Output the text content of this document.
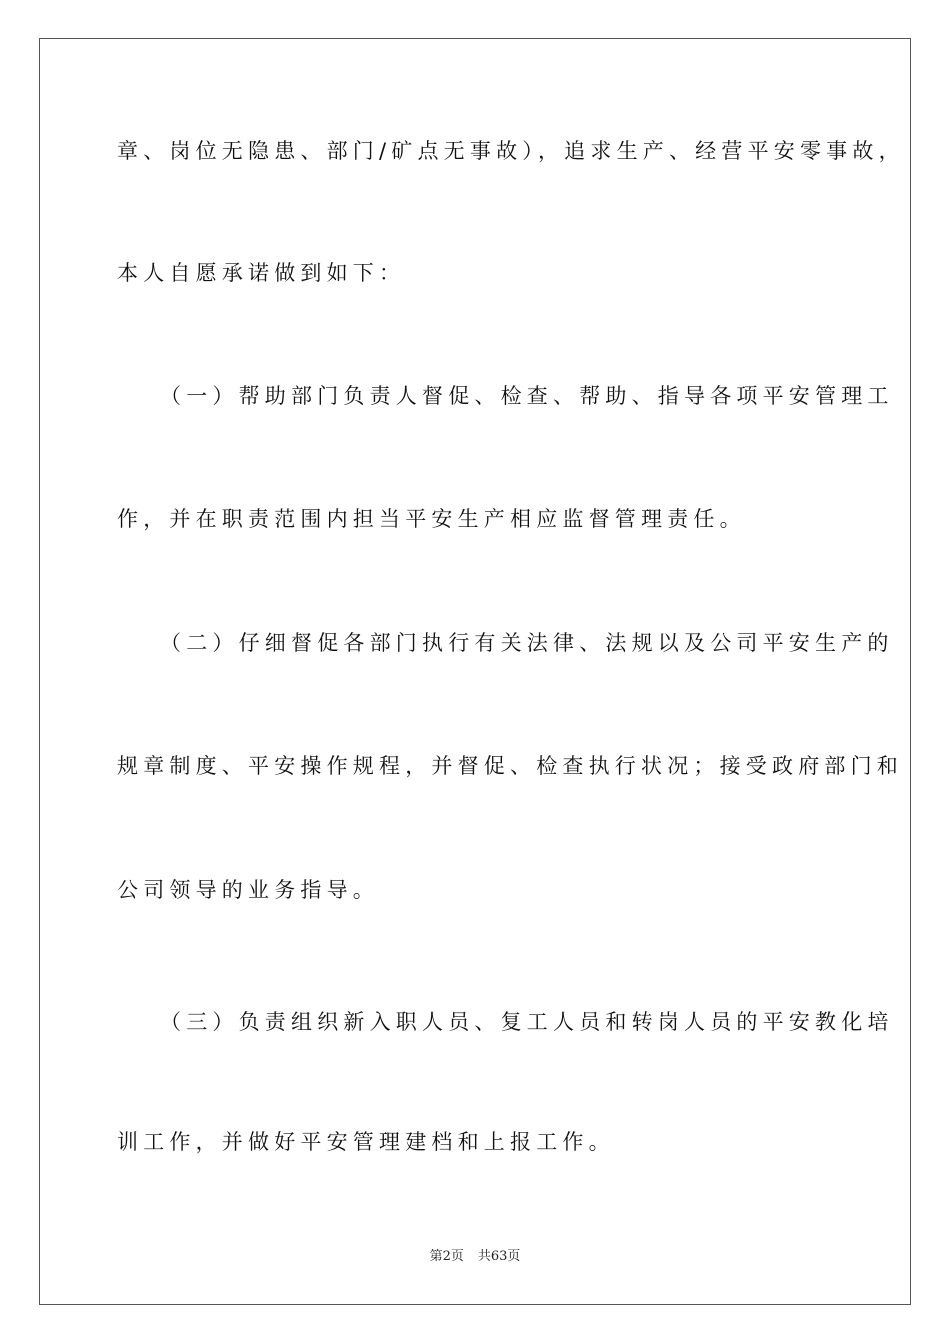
章、岗位无隐患、部门/矿点无事故），追求生产、经营平安零事故，
本人自愿承诺做到如下：
（一）帮助部门负责人督促、检查、帮助、指导各项平安管理工
作，并在职责范围内担当平安生产相应监督管理责任。
（二）仔细督促各部门执行有关法律、法规以及公司平安生产的
规章制度、平安操作规程，并督促、检查执行状况；接受政府部门和
公司领导的业务指导。
（三）负责组织新入职人员、复工人员和转岗人员的平安教化培
训工作，并做好平安管理建档和上报工作。
第2页 共63页
